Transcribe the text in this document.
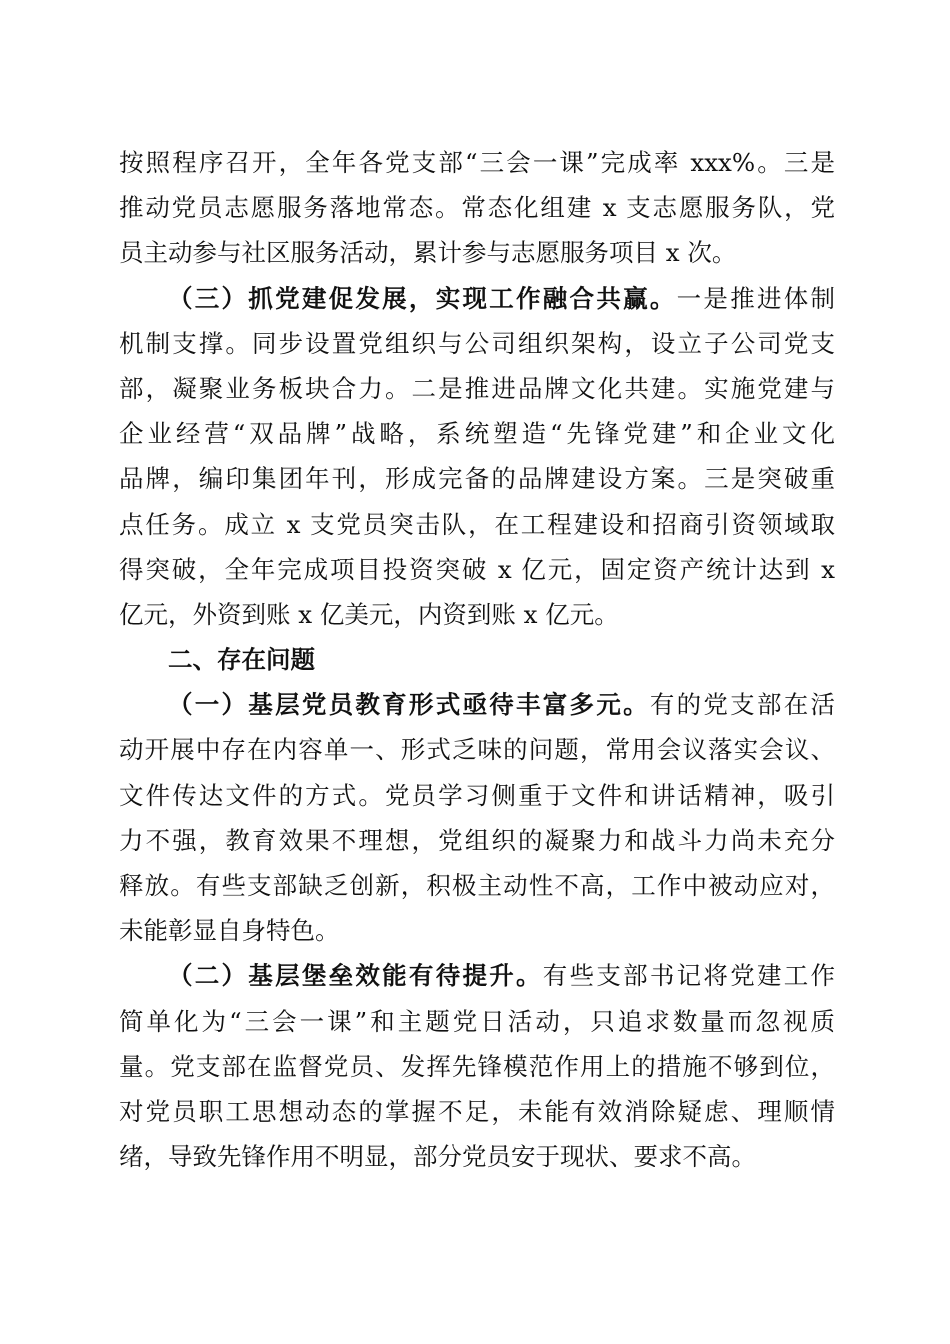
按照程序召开，全年各党支部“三会一课”完成率 xxx%。三是
推动党员志愿服务落地常态。常态化组建 x 支志愿服务队，党
员主动参与社区服务活动，累计参与志愿服务项目 x 次。
（三）抓党建促发展，实现工作融合共赢。一是推进体制
机制支撑。同步设置党组织与公司组织架构，设立子公司党支
部，凝聚业务板块合力。二是推进品牌文化共建。实施党建与
企业经营“双品牌”战略，系统塑造“先锋党建”和企业文化
品牌，编印集团年刊，形成完备的品牌建设方案。三是突破重
点任务。成立 x 支党员突击队，在工程建设和招商引资领域取
得突破，全年完成项目投资突破 x 亿元，固定资产统计达到 x
亿元，外资到账 x 亿美元，内资到账 x 亿元。
二、存在问题
（一）基层党员教育形式亟待丰富多元。有的党支部在活
动开展中存在内容单一、形式乏味的问题，常用会议落实会议、
文件传达文件的方式。党员学习侧重于文件和讲话精神，吸引
力不强，教育效果不理想，党组织的凝聚力和战斗力尚未充分
释放。有些支部缺乏创新，积极主动性不高，工作中被动应对，
未能彰显自身特色。
（二）基层堡垒效能有待提升。有些支部书记将党建工作
简单化为“三会一课”和主题党日活动，只追求数量而忽视质
量。党支部在监督党员、发挥先锋模范作用上的措施不够到位，
对党员职工思想动态的掌握不足，未能有效消除疑虑、理顺情
绪，导致先锋作用不明显，部分党员安于现状、要求不高。
